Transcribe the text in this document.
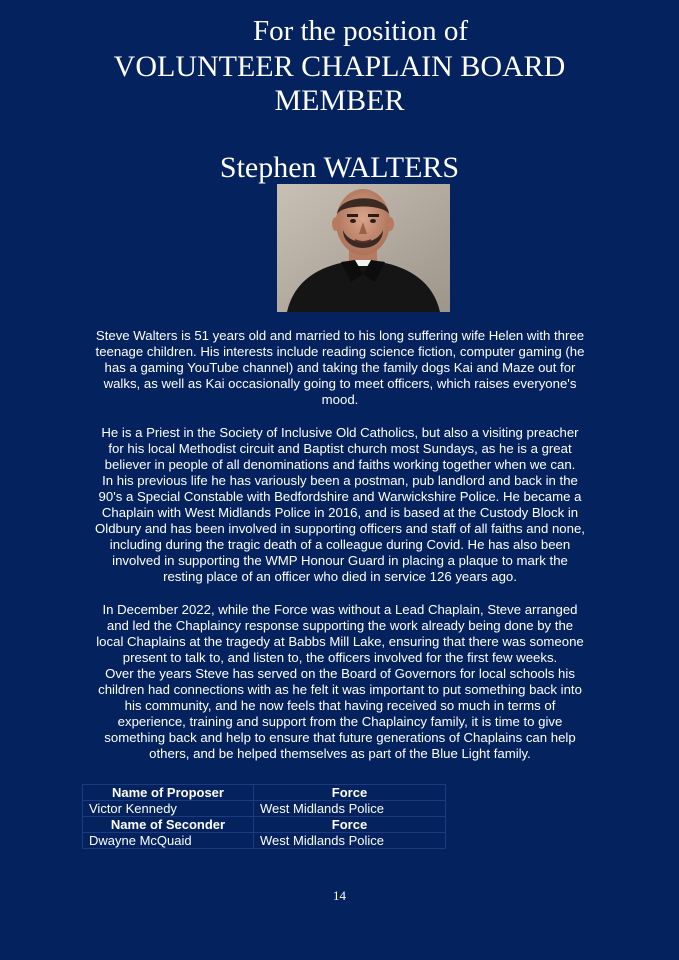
For the position of
VOLUNTEER CHAPLAIN BOARD
MEMBER
Stephen WALTERS

Steve Walters is 51 years old and married to his long suffering wife Helen with three
teenage children. His interests include reading science fiction, computer gaming (he
has a gaming YouTube channel) and taking the family dogs Kai and Maze out for
walks, as well as Kai occasionally going to meet officers, which raises everyone's
mood.

He is a Priest in the Society of Inclusive Old Catholics, but also a visiting preacher
for his local Methodist circuit and Baptist church most Sundays, as he is a great
believer in people of all denominations and faiths working together when we can.
In his previous life he has variously been a postman, pub landlord and back in the
90's a Special Constable with Bedfordshire and Warwickshire Police. He became a
Chaplain with West Midlands Police in 2016, and is based at the Custody Block in
Oldbury and has been involved in supporting officers and staff of all faiths and none,
including during the tragic death of a colleague during Covid. He has also been
involved in supporting the WMP Honour Guard in placing a plaque to mark the
resting place of an officer who died in service 126 years ago.

In December 2022, while the Force was without a Lead Chaplain, Steve arranged
and led the Chaplaincy response supporting the work already being done by the
local Chaplains at the tragedy at Babbs Mill Lake, ensuring that there was someone
present to talk to, and listen to, the officers involved for the first few weeks.
Over the years Steve has served on the Board of Governors for local schools his
children had connections with as he felt it was important to put something back into
his community, and he now feels that having received so much in terms of
experience, training and support from the Chaplaincy family, it is time to give
something back and help to ensure that future generations of Chaplains can help
others, and be helped themselves as part of the Blue Light family.

Name of Proposer	Force
Victor Kennedy	West Midlands Police
Name of Seconder	Force
Dwayne McQuaid	West Midlands Police
14
